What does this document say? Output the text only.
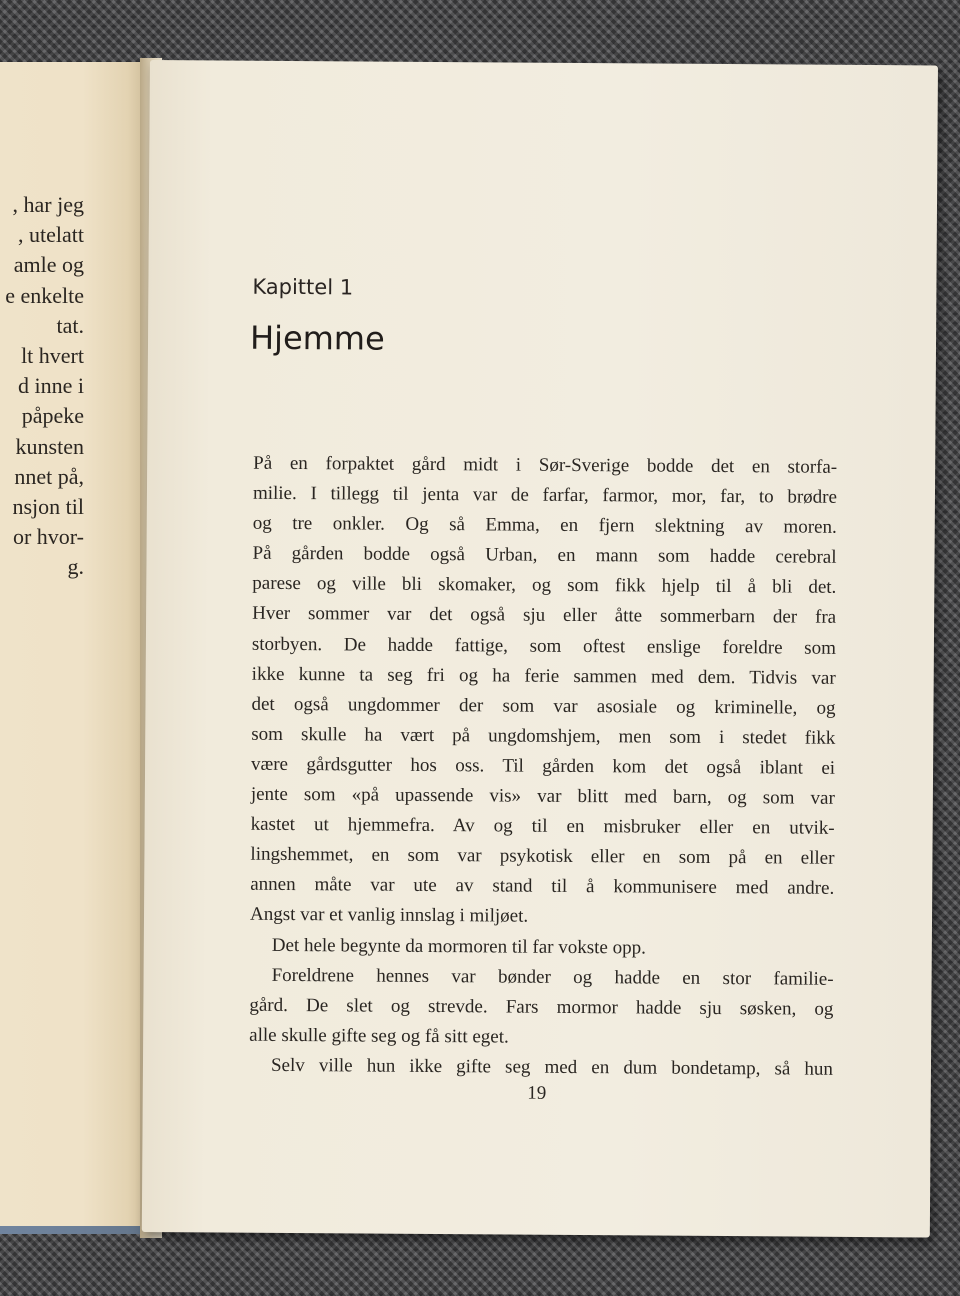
, har jeg
, utelatt
amle og
e enkelte
tat.
lt hvert
d inne i
påpeke
kunsten
nnet på,
nsjon til
or hvor-
g.
Kapittel 1
Hjemme
På en forpaktet gård midt i Sør-Sverige bodde det en storfa-
milie. I tillegg til jenta var de farfar, farmor, mor, far, to brødre
og tre onkler. Og så Emma, en fjern slektning av moren.
På gården bodde også Urban, en mann som hadde cerebral
parese og ville bli skomaker, og som fikk hjelp til å bli det.
Hver sommer var det også sju eller åtte sommerbarn der fra
storbyen. De hadde fattige, som oftest enslige foreldre som
ikke kunne ta seg fri og ha ferie sammen med dem. Tidvis var
det også ungdommer der som var asosiale og kriminelle, og
som skulle ha vært på ungdomshjem, men som i stedet fikk
være gårdsgutter hos oss. Til gården kom det også iblant ei
jente som «på upassende vis» var blitt med barn, og som var
kastet ut hjemmefra. Av og til en misbruker eller en utvik-
lingshemmet, en som var psykotisk eller en som på en eller
annen måte var ute av stand til å kommunisere med andre.
Angst var et vanlig innslag i miljøet.
Det hele begynte da mormoren til far vokste opp.
Foreldrene hennes var bønder og hadde en stor familie-
gård. De slet og strevde. Fars mormor hadde sju søsken, og
alle skulle gifte seg og få sitt eget.
Selv ville hun ikke gifte seg med en dum bondetamp, så hun
19
